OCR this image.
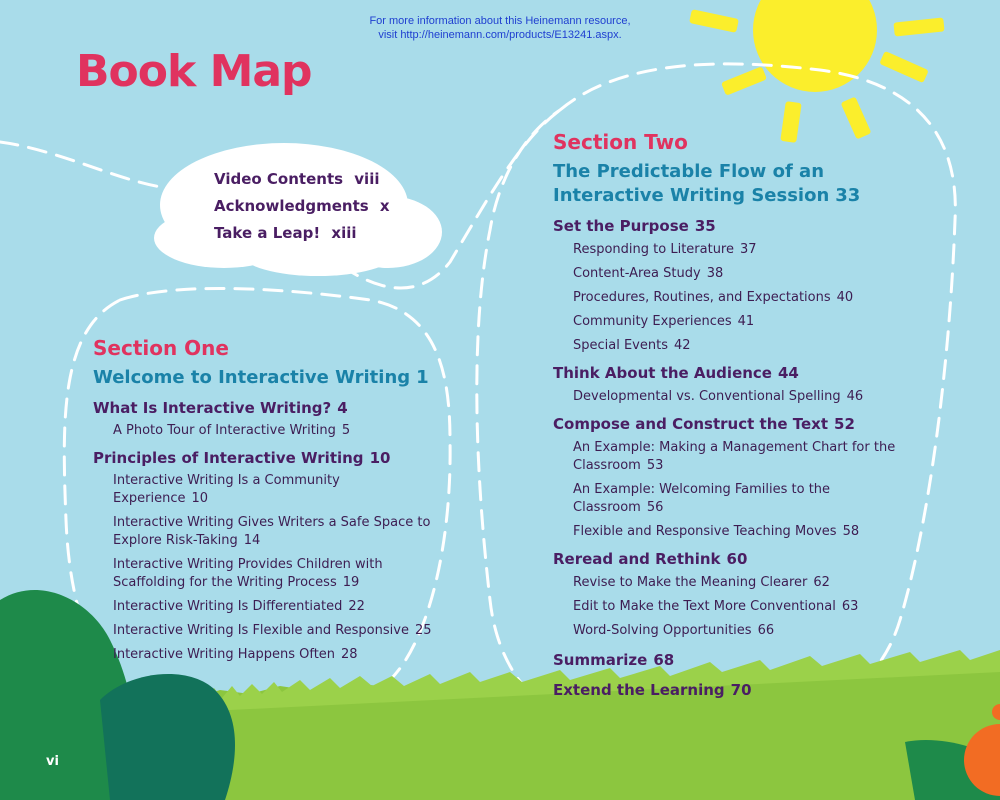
For more information about this Heinemann resource,
visit http://heinemann.com/products/E13241.aspx.
Book Map
Video Contents viii
Acknowledgments x
Take a Leap! xiii
Section One
Welcome to Interactive Writing 1
What Is Interactive Writing? 4
A Photo Tour of Interactive Writing 5
Principles of Interactive Writing 10
Interactive Writing Is a Community Experience 10
Interactive Writing Gives Writers a Safe Space to Explore Risk-Taking 14
Interactive Writing Provides Children with Scaffolding for the Writing Process 19
Interactive Writing Is Differentiated 22
Interactive Writing Is Flexible and Responsive 25
Interactive Writing Happens Often 28
Section Two
The Predictable Flow of an Interactive Writing Session 33
Set the Purpose 35
Responding to Literature 37
Content-Area Study 38
Procedures, Routines, and Expectations 40
Community Experiences 41
Special Events 42
Think About the Audience 44
Developmental vs. Conventional Spelling 46
Compose and Construct the Text 52
An Example: Making a Management Chart for the Classroom 53
An Example: Welcoming Families to the Classroom 56
Flexible and Responsive Teaching Moves 58
Reread and Rethink 60
Revise to Make the Meaning Clearer 62
Edit to Make the Text More Conventional 63
Word-Solving Opportunities 66
Summarize 68
Extend the Learning 70
vi
